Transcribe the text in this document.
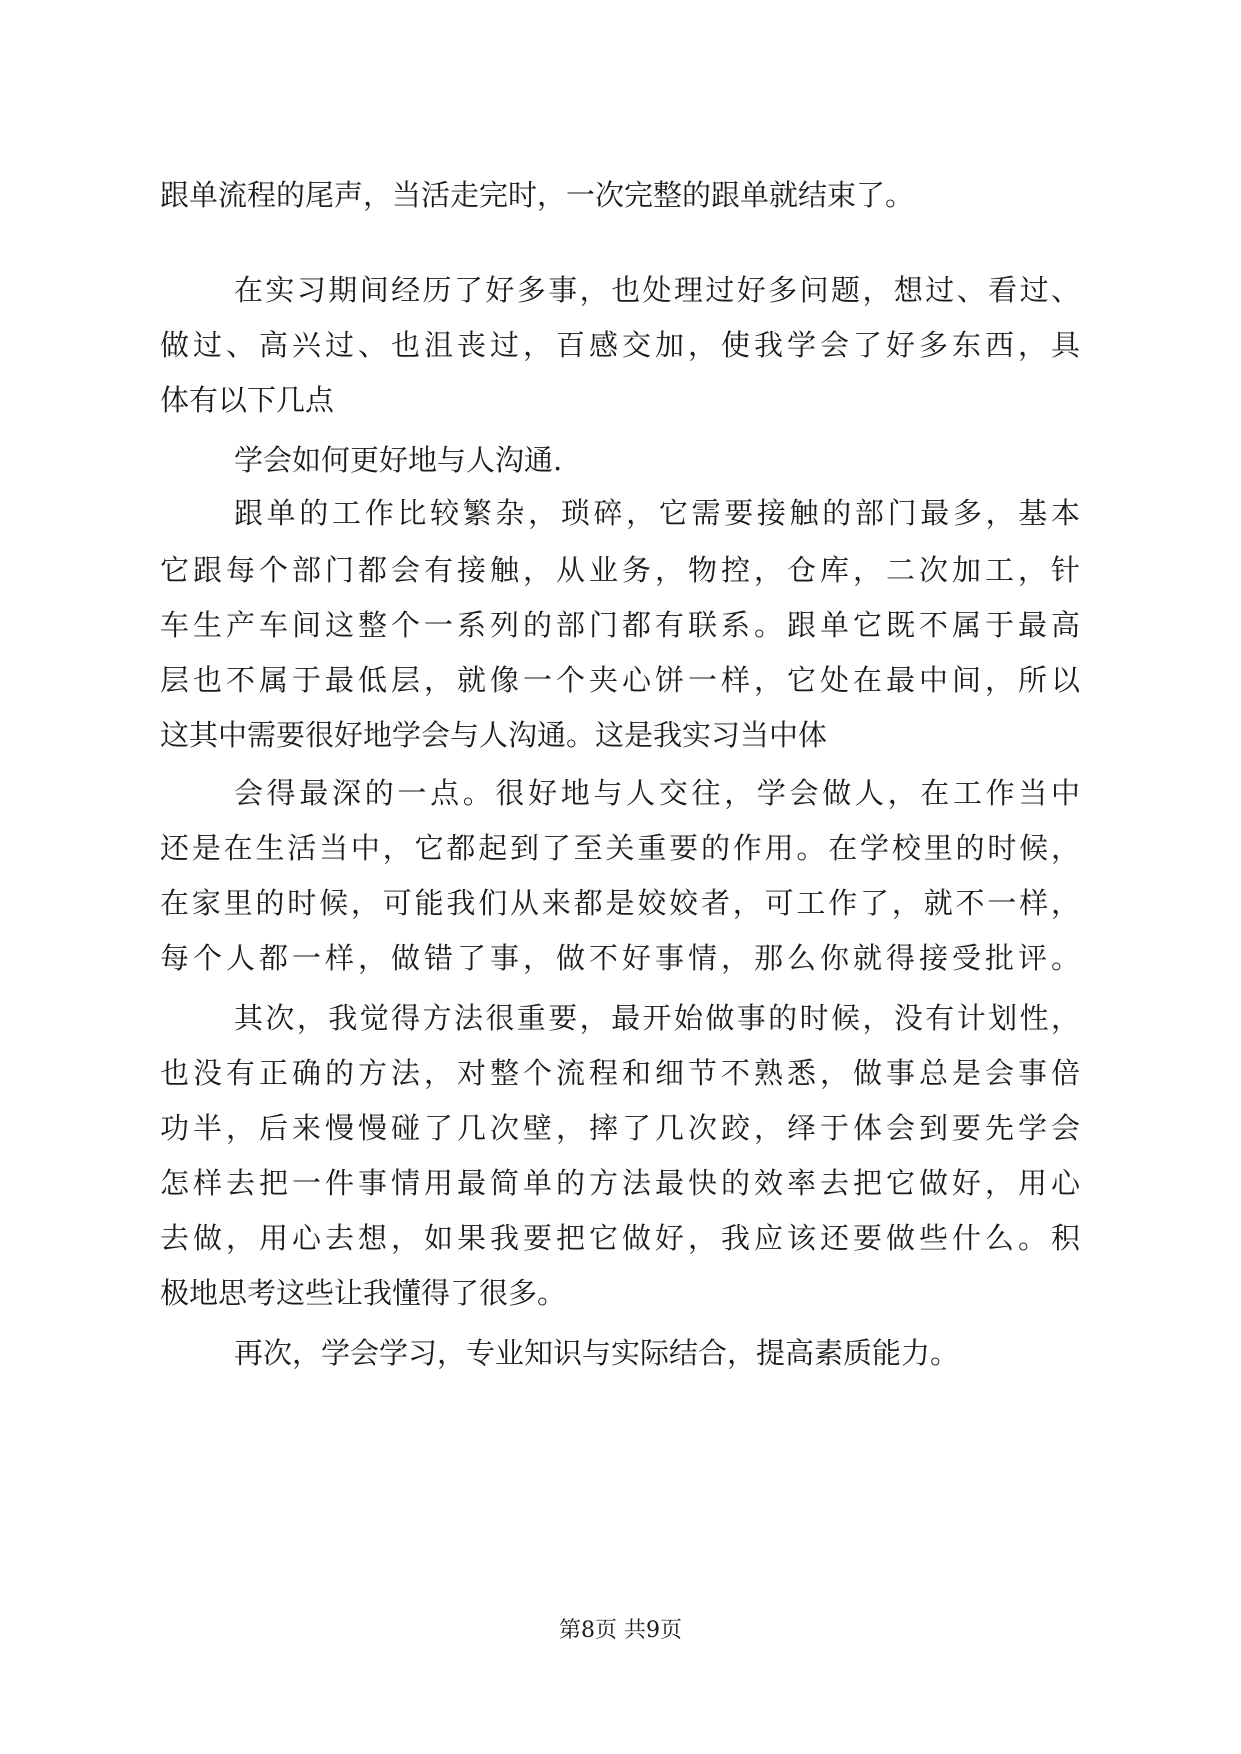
跟单流程的尾声，当活走完时，一次完整的跟单就结束了。
在实习期间经历了好多事，也处理过好多问题，想过、看过、
做过、高兴过、也沮丧过，百感交加，使我学会了好多东西，具
体有以下几点
学会如何更好地与人沟通.
跟单的工作比较繁杂，琐碎，它需要接触的部门最多，基本
它跟每个部门都会有接触，从业务，物控，仓库，二次加工，针
车生产车间这整个一系列的部门都有联系。跟单它既不属于最高
层也不属于最低层，就像一个夹心饼一样，它处在最中间，所以
这其中需要很好地学会与人沟通。这是我实习当中体
会得最深的一点。很好地与人交往，学会做人，在工作当中
还是在生活当中，它都起到了至关重要的作用。在学校里的时候，
在家里的时候，可能我们从来都是姣姣者，可工作了，就不一样，
每个人都一样，做错了事，做不好事情，那么你就得接受批评。
其次，我觉得方法很重要，最开始做事的时候，没有计划性，
也没有正确的方法，对整个流程和细节不熟悉，做事总是会事倍
功半，后来慢慢碰了几次壁，摔了几次跤，绎于体会到要先学会
怎样去把一件事情用最简单的方法最快的效率去把它做好，用心
去做，用心去想，如果我要把它做好，我应该还要做些什么。积
极地思考这些让我懂得了很多。
再次，学会学习，专业知识与实际结合，提高素质能力。
第8页 共9页
